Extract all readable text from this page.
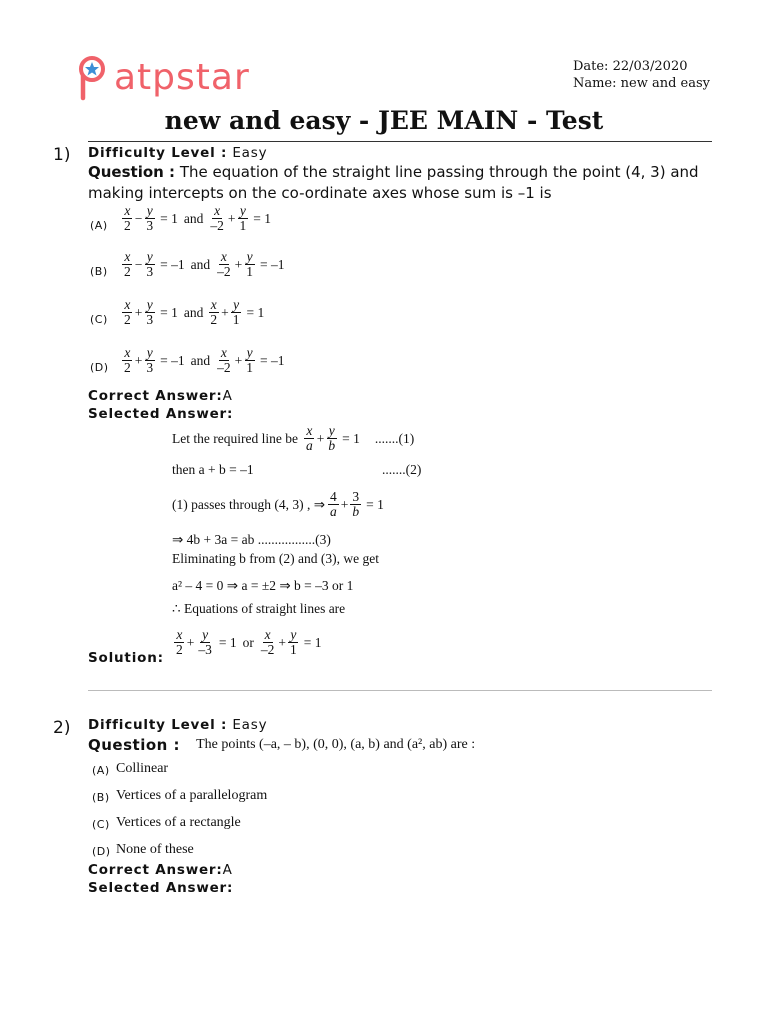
atpstar	Date: 22/03/2020
Name: new and easy
new and easy - JEE MAIN - Test
1) Difficulty Level : Easy
Question : The equation of the straight line passing through the point (4, 3) and making intercepts on the co-ordinate axes whose sum is –1 is
(A)	$\frac{x}{2} - \frac{y}{3} = 1$ and $\frac{x}{-2} + \frac{y}{1} = 1$
(B)	$\frac{x}{2} - \frac{y}{3} = -1$ and $\frac{x}{-2} + \frac{y}{1} = -1$
(C)	$\frac{x}{2} + \frac{y}{3} = 1$ and $\frac{x}{2} + \frac{y}{1} = 1$
$(D) \frac{x}{2} + \frac{y}{3} = -1$ and $\frac{x}{-2} + \frac{y}{1} = -1$
Correct Answer:A
Selected Answer:
Let the required line be $\frac{x}{a} + \frac{y}{b} = 1$ .......(1)
then a + b = –1	.......(2)
(1) passes through (4, 3) , ⇒ $\frac{4}{a} + \frac{3}{b} = 1$
⇒ 4b + 3a = ab .................(3)
Eliminating b from (2) and (3), we get
a² – 4 = 0 ⇒ a = ±2 ⇒ b = –3 or 1
∴ Equations of straight lines are
$\frac{x}{2} + \frac{y}{-3} = 1$ or $\frac{x}{-2} + \frac{y}{1} = 1$
Solution:
2) Difficulty Level : Easy
Question : The points (–a, – b), (0, 0), (a, b) and (a², ab) are :
(A) Collinear
(B) Vertices of a parallelogram
(C) Vertices of a rectangle
(D) None of these
Correct Answer:A
Selected Answer:
